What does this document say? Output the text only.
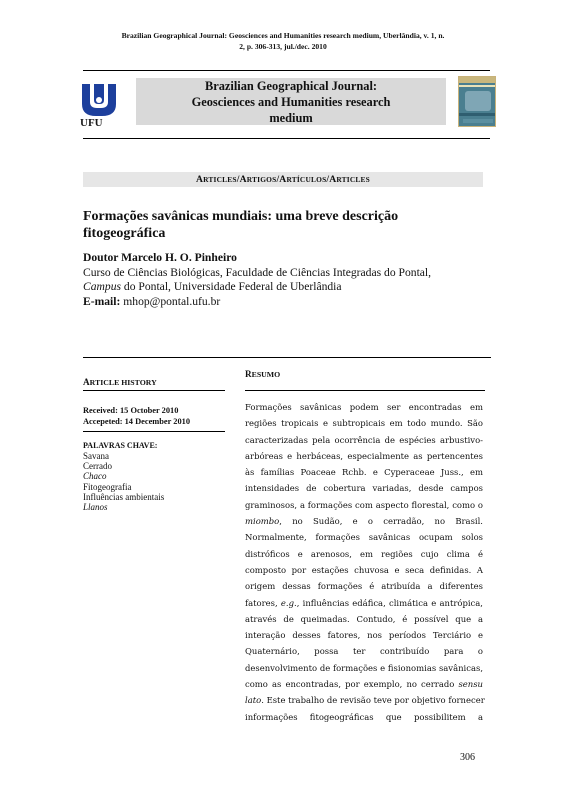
Brazilian Geographical Journal: Geosciences and Humanities research medium, Uberlândia, v. 1, n.
2, p. 306-313, jul./dec. 2010
UFU
Brazilian Geographical Journal:
Geosciences and Humanities research
medium
ARTICLES/ARTIGOS/ARTÍCULOS/ARTICLES
Formações savânicas mundiais: uma breve descrição
fitogeográfica
Doutor Marcelo H. O. Pinheiro
Curso de Ciências Biológicas, Faculdade de Ciências Integradas do Pontal,
Campus do Pontal, Universidade Federal de Uberlândia
E-mail: mhop@pontal.ufu.br
ARTICLE HISTORY
RESUMO
Received: 15 October 2010
Accepeted: 14 December 2010
PALAVRAS CHAVE:
Savana
Cerrado
Chaco
Fitogeografia
Influências ambientais
Llanos
Formações savânicas podem ser encontradas em
regiões tropicais e subtropicais em todo mundo. São
caracterizadas pela ocorrência de espécies arbustivo-
arbóreas e herbáceas, especialmente as pertencentes
às famílias Poaceae Rchb. e Cyperaceae Juss., em
intensidades de cobertura variadas, desde campos
graminosos, a formações com aspecto florestal, como o
miombo, no Sudão, e o cerradão, no Brasil.
Normalmente, formações savânicas ocupam solos
distróficos e arenosos, em regiões cujo clima é
composto por estações chuvosa e seca definidas. A
origem dessas formações é atribuída a diferentes
fatores, e.g., influências edáfica, climática e antrópica,
através de queimadas. Contudo, é possível que a
interação desses fatores, nos períodos Terciário e
Quaternário, possa ter contribuído para o
desenvolvimento de formações e fisionomias savânicas,
como as encontradas, por exemplo, no cerrado sensu
lato. Este trabalho de revisão teve por objetivo fornecer
informações fitogeográficas que possibilitem a
306
